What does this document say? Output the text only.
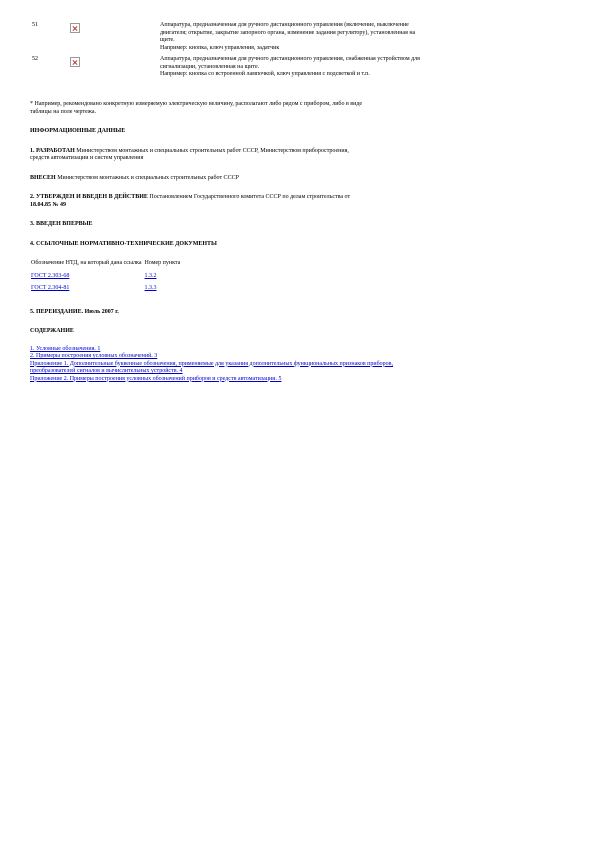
51		Аппаратура, предназначенная для ручного дистанционного управления (включение, выключение
двигателя; открытие, закрытие запорного органа, изменение задания регулятору), установленная на
щите.
Например: кнопка, ключ управления, задатчик

52		Аппаратура, предназначенная для ручного дистанционного управления, снабженная устройством для
сигнализации, установленная на щите.
Например: кнопка со встроенной лампочкой, ключ управления с подсветкой и т.п.

* Например, рекомендовано конкретную измеряемую электрическую величину, располагают либо рядом с прибором, либо в виде
таблицы на поле чертежа.

ИНФОРМАЦИОННЫЕ ДАННЫЕ

1. РАЗРАБОТАН Министерством монтажных и специальных строительных работ СССР, Министерством приборостроения,
средств автоматизации и систем управления

ВНЕСЕН Министерством монтажных и специальных строительных работ СССР

2. УТВЕРЖДЕН И ВВЕДЕН В ДЕЙСТВИЕ Постановлением Государственного комитета СССР по делам строительства от
18.04.85 № 49

3. ВВЕДЕН ВПЕРВЫЕ

4. ССЫЛОЧНЫЕ НОРМАТИВНО-ТЕХНИЧЕСКИЕ ДОКУМЕНТЫ

Обозначение НТД, на который дана ссылка	Номер пункта
ГОСТ 2.303-68	1.3.2
ГОСТ 2.304-81	1.3.3

5. ПЕРЕИЗДАНИЕ. Июль 2007 г.

СОДЕРЖАНИЕ

1. Условные обозначения. 1
2. Примеры построения условных обозначений. 3
Приложение 1. Дополнительные буквенные обозначения, применяемые для указания дополнительных функциональных признаков приборов,
преобразователей сигналов и вычислительных устройств. 4
Приложение 2. Примеры построения условных обозначений приборов и средств автоматизации. 5
